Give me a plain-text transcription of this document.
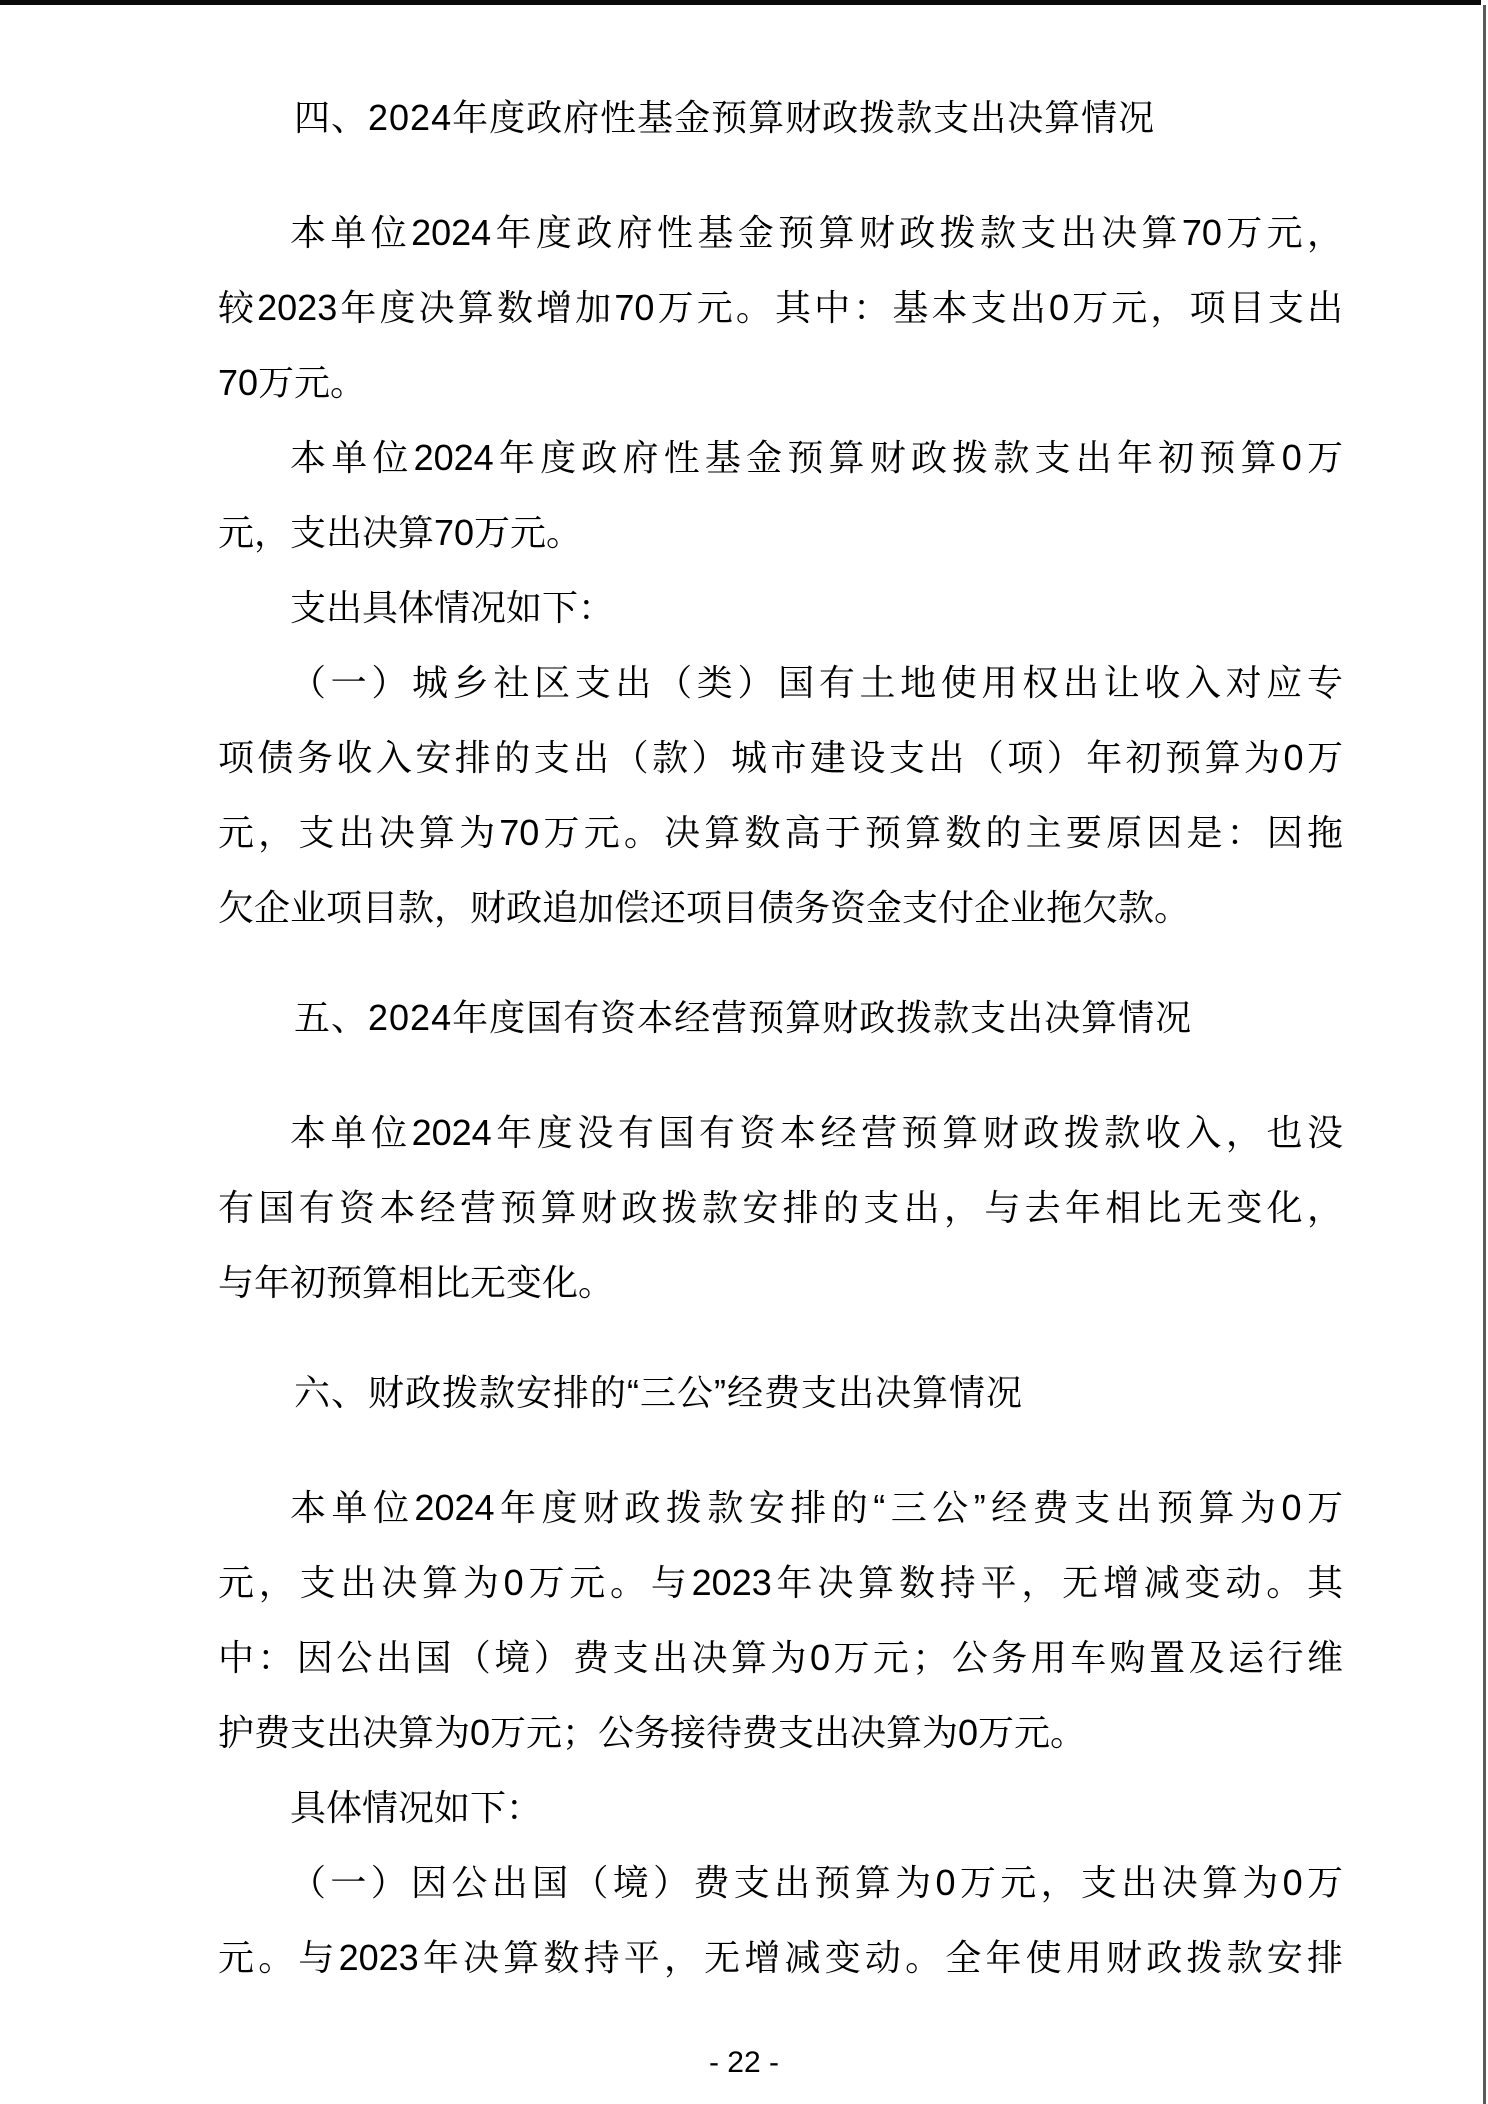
四、2024年度政府性基金预算财政拨款支出决算情况
本单位2024年度政府性基金预算财政拨款支出决算70万元，
较2023年度决算数增加70万元。其中：基本支出0万元，项目支出
70万元。
本单位2024年度政府性基金预算财政拨款支出年初预算0万
元，支出决算70万元。
支出具体情况如下：
（一）城乡社区支出（类）国有土地使用权出让收入对应专
项债务收入安排的支出（款）城市建设支出（项）年初预算为0万
元，支出决算为70万元。决算数高于预算数的主要原因是：因拖
欠企业项目款，财政追加偿还项目债务资金支付企业拖欠款。
五、2024年度国有资本经营预算财政拨款支出决算情况
本单位2024年度没有国有资本经营预算财政拨款收入，也没
有国有资本经营预算财政拨款安排的支出，与去年相比无变化，
与年初预算相比无变化。
六、财政拨款安排的“三公”经费支出决算情况
本单位2024年度财政拨款安排的“三公”经费支出预算为0万
元，支出决算为0万元。与2023年决算数持平，无增减变动。其
中：因公出国（境）费支出决算为0万元；公务用车购置及运行维
护费支出决算为0万元；公务接待费支出决算为0万元。
具体情况如下：
（一）因公出国（境）费支出预算为0万元，支出决算为0万
元。与2023年决算数持平，无增减变动。全年使用财政拨款安排
- 22 -
